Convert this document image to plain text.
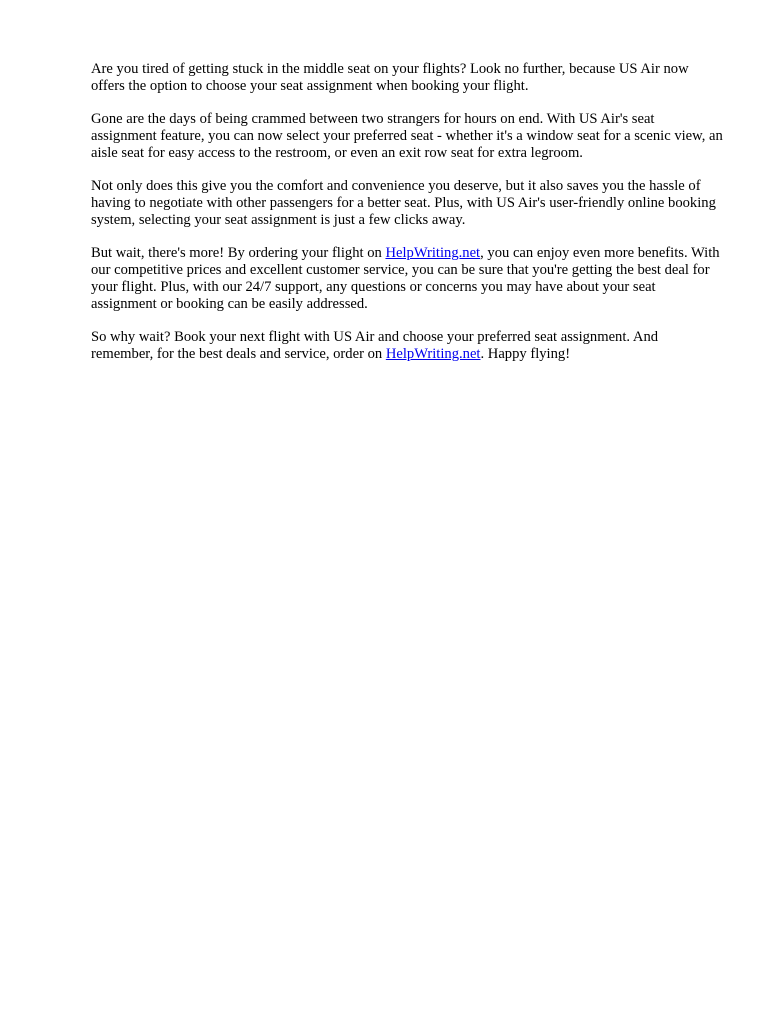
Are you tired of getting stuck in the middle seat on your flights? Look no further, because US Air now offers the option to choose your seat assignment when booking your flight.

Gone are the days of being crammed between two strangers for hours on end. With US Air's seat assignment feature, you can now select your preferred seat - whether it's a window seat for a scenic view, an aisle seat for easy access to the restroom, or even an exit row seat for extra legroom.

Not only does this give you the comfort and convenience you deserve, but it also saves you the hassle of having to negotiate with other passengers for a better seat. Plus, with US Air's user-friendly online booking system, selecting your seat assignment is just a few clicks away.

But wait, there's more! By ordering your flight on HelpWriting.net, you can enjoy even more benefits. With our competitive prices and excellent customer service, you can be sure that you're getting the best deal for your flight. Plus, with our 24/7 support, any questions or concerns you may have about your seat assignment or booking can be easily addressed.

So why wait? Book your next flight with US Air and choose your preferred seat assignment. And remember, for the best deals and service, order on HelpWriting.net. Happy flying!
